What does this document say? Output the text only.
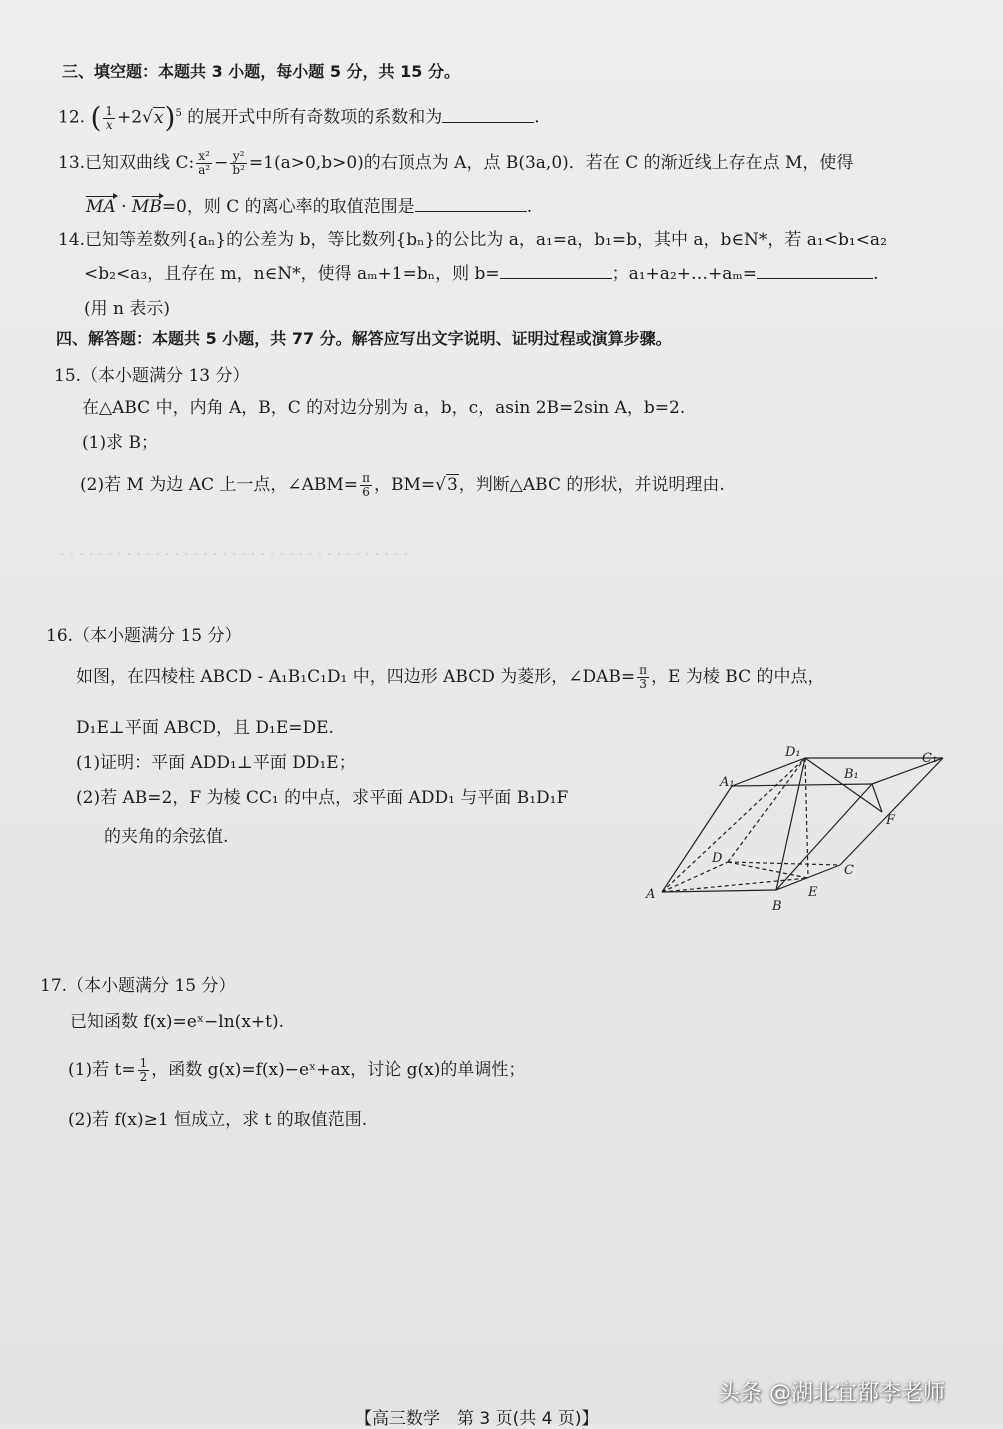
· · · · · · · · · · · · · · · · · · · · · · · · · · · · · · · · · · · · ·
三、填空题：本题共 3 小题，每小题 5 分，共 15 分。
12. ( $\frac{1}{x} +2√x)^5$ 的展开式中所有奇数项的系数和为	.
13.已知双曲线 C: $\frac{\text{x²}}{\text{a²}} - \frac{\text{y²}}{\text{b²}} =1(a>0,b>0)$的右顶点为 A，点 B(3a,0)．若在 C 的渐近线上存在点 M，使得
MA · MB=0，则 C 的离心率的取值范围是	.
14.已知等差数列{aₙ}的公差为 b，等比数列{bₙ}的公比为 a，a₁=a，b₁=b，其中 a，b∈N*，若 a₁<b₁<a₂
<b₂<a₃，且存在 m，n∈N*，使得 aₘ+1=bₙ，则 b=	；a₁+a₂+…+aₘ=	.
(用 n 表示)
四、解答题：本题共 5 小题，共 77 分。解答应写出文字说明、证明过程或演算步骤。
15.（本小题满分 13 分）
在△ABC 中，内角 A，B，C 的对边分别为 a，b，c，asin 2B=2sin A，b=2.
(1)求 B；
(2)若 M 为边 AC 上一点，∠ABM= $\frac{\pi}{6}$ ，BM=√3，判断△ABC 的形状，并说明理由.
16.（本小题满分 15 分）
如图，在四棱柱 ABCD - A₁B₁C₁D₁ 中，四边形 ABCD 为菱形，∠DAB= $\frac{\pi}{3}$ ，E 为棱 BC 的中点，
D₁E⊥平面 ABCD，且 D₁E=DE.
(1)证明：平面 ADD₁⊥平面 DD₁E；
(2)若 AB=2，F 为棱 CC₁ 的中点，求平面 ADD₁ 与平面 B₁D₁F
的夹角的余弦值.
A₁
B₁
C₁
D₁
A
B
C
D
E
F
17.（本小题满分 15 分）
已知函数 f(x)=eˣ−ln(x+t).
(1)若 $t= \frac{1}{2}$ ，函数 g(x)=f(x)−eˣ+ax，讨论 g(x)的单调性；
(2)若 f(x)≥1 恒成立，求 t 的取值范围.
头条 @湖北宜都李老师
【高三数学　第 3 页(共 4 页)】
